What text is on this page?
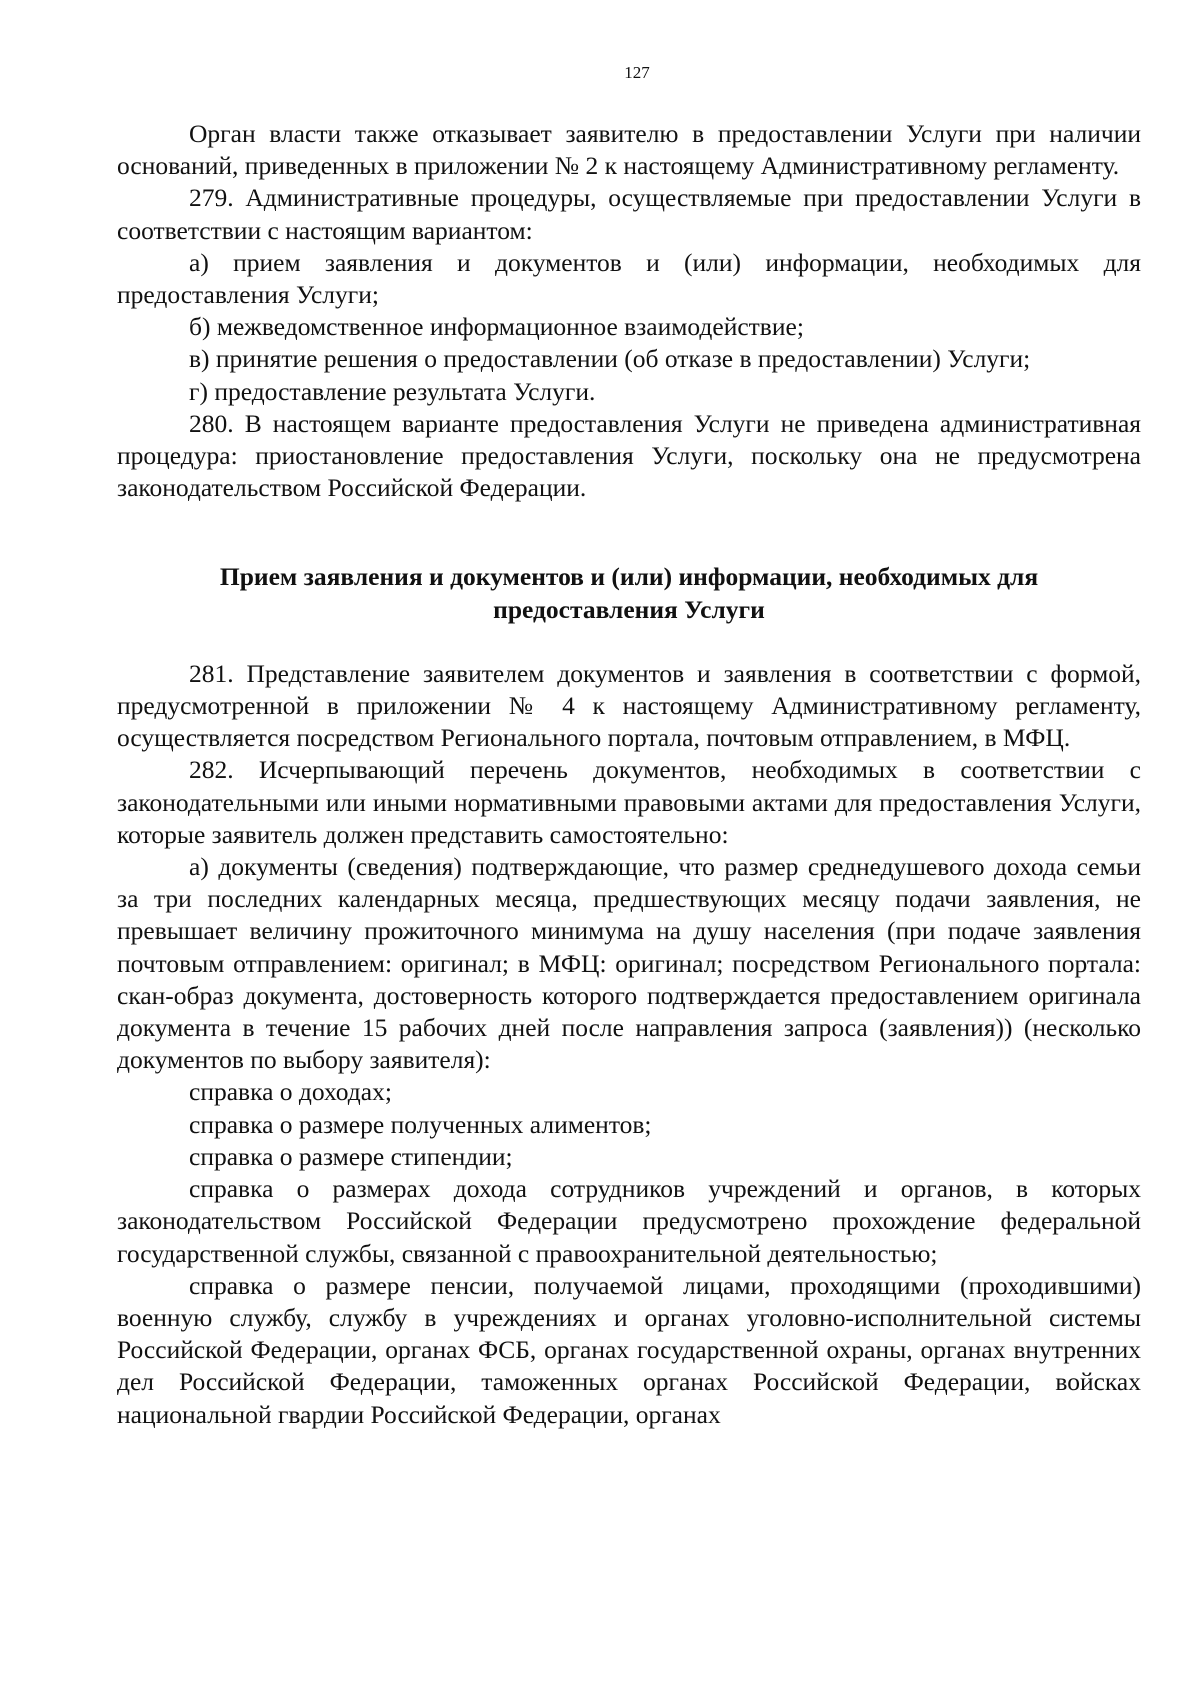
127

Орган власти также отказывает заявителю в предоставлении Услуги при наличии оснований, приведенных в приложении № 2 к настоящему Административному регламенту.

279. Административные процедуры, осуществляемые при предоставлении Услуги в соответствии с настоящим вариантом:

а) прием заявления и документов и (или) информации, необходимых для предоставления Услуги;

б) межведомственное информационное взаимодействие;

в) принятие решения о предоставлении (об отказе в предоставлении) Услуги;

г) предоставление результата Услуги.

280. В настоящем варианте предоставления Услуги не приведена административная процедура: приостановление предоставления Услуги, поскольку она не предусмотрена законодательством Российской Федерации.

Прием заявления и документов и (или) информации, необходимых для предоставления Услуги

281. Представление заявителем документов и заявления в соответствии с формой, предусмотренной в приложении № 4 к настоящему Административному регламенту, осуществляется посредством Регионального портала, почтовым отправлением, в МФЦ.

282. Исчерпывающий перечень документов, необходимых в соответствии с законодательными или иными нормативными правовыми актами для предоставления Услуги, которые заявитель должен представить самостоятельно:

а) документы (сведения) подтверждающие, что размер среднедушевого дохода семьи за три последних календарных месяца, предшествующих месяцу подачи заявления, не превышает величину прожиточного минимума на душу населения (при подаче заявления почтовым отправлением: оригинал; в МФЦ: оригинал; посредством Регионального портала: скан-образ документа, достоверность которого подтверждается предоставлением оригинала документа в течение 15 рабочих дней после направления запроса (заявления)) (несколько документов по выбору заявителя):

справка о доходах;

справка о размере полученных алиментов;

справка о размере стипендии;

справка о размерах дохода сотрудников учреждений и органов, в которых законодательством Российской Федерации предусмотрено прохождение федеральной государственной службы, связанной с правоохранительной деятельностью;

справка о размере пенсии, получаемой лицами, проходящими (проходившими) военную службу, службу в учреждениях и органах уголовно-исполнительной системы Российской Федерации, органах ФСБ, органах государственной охраны, органах внутренних дел Российской Федерации, таможенных органах Российской Федерации, войсках национальной гвардии Российской Федерации, органах
